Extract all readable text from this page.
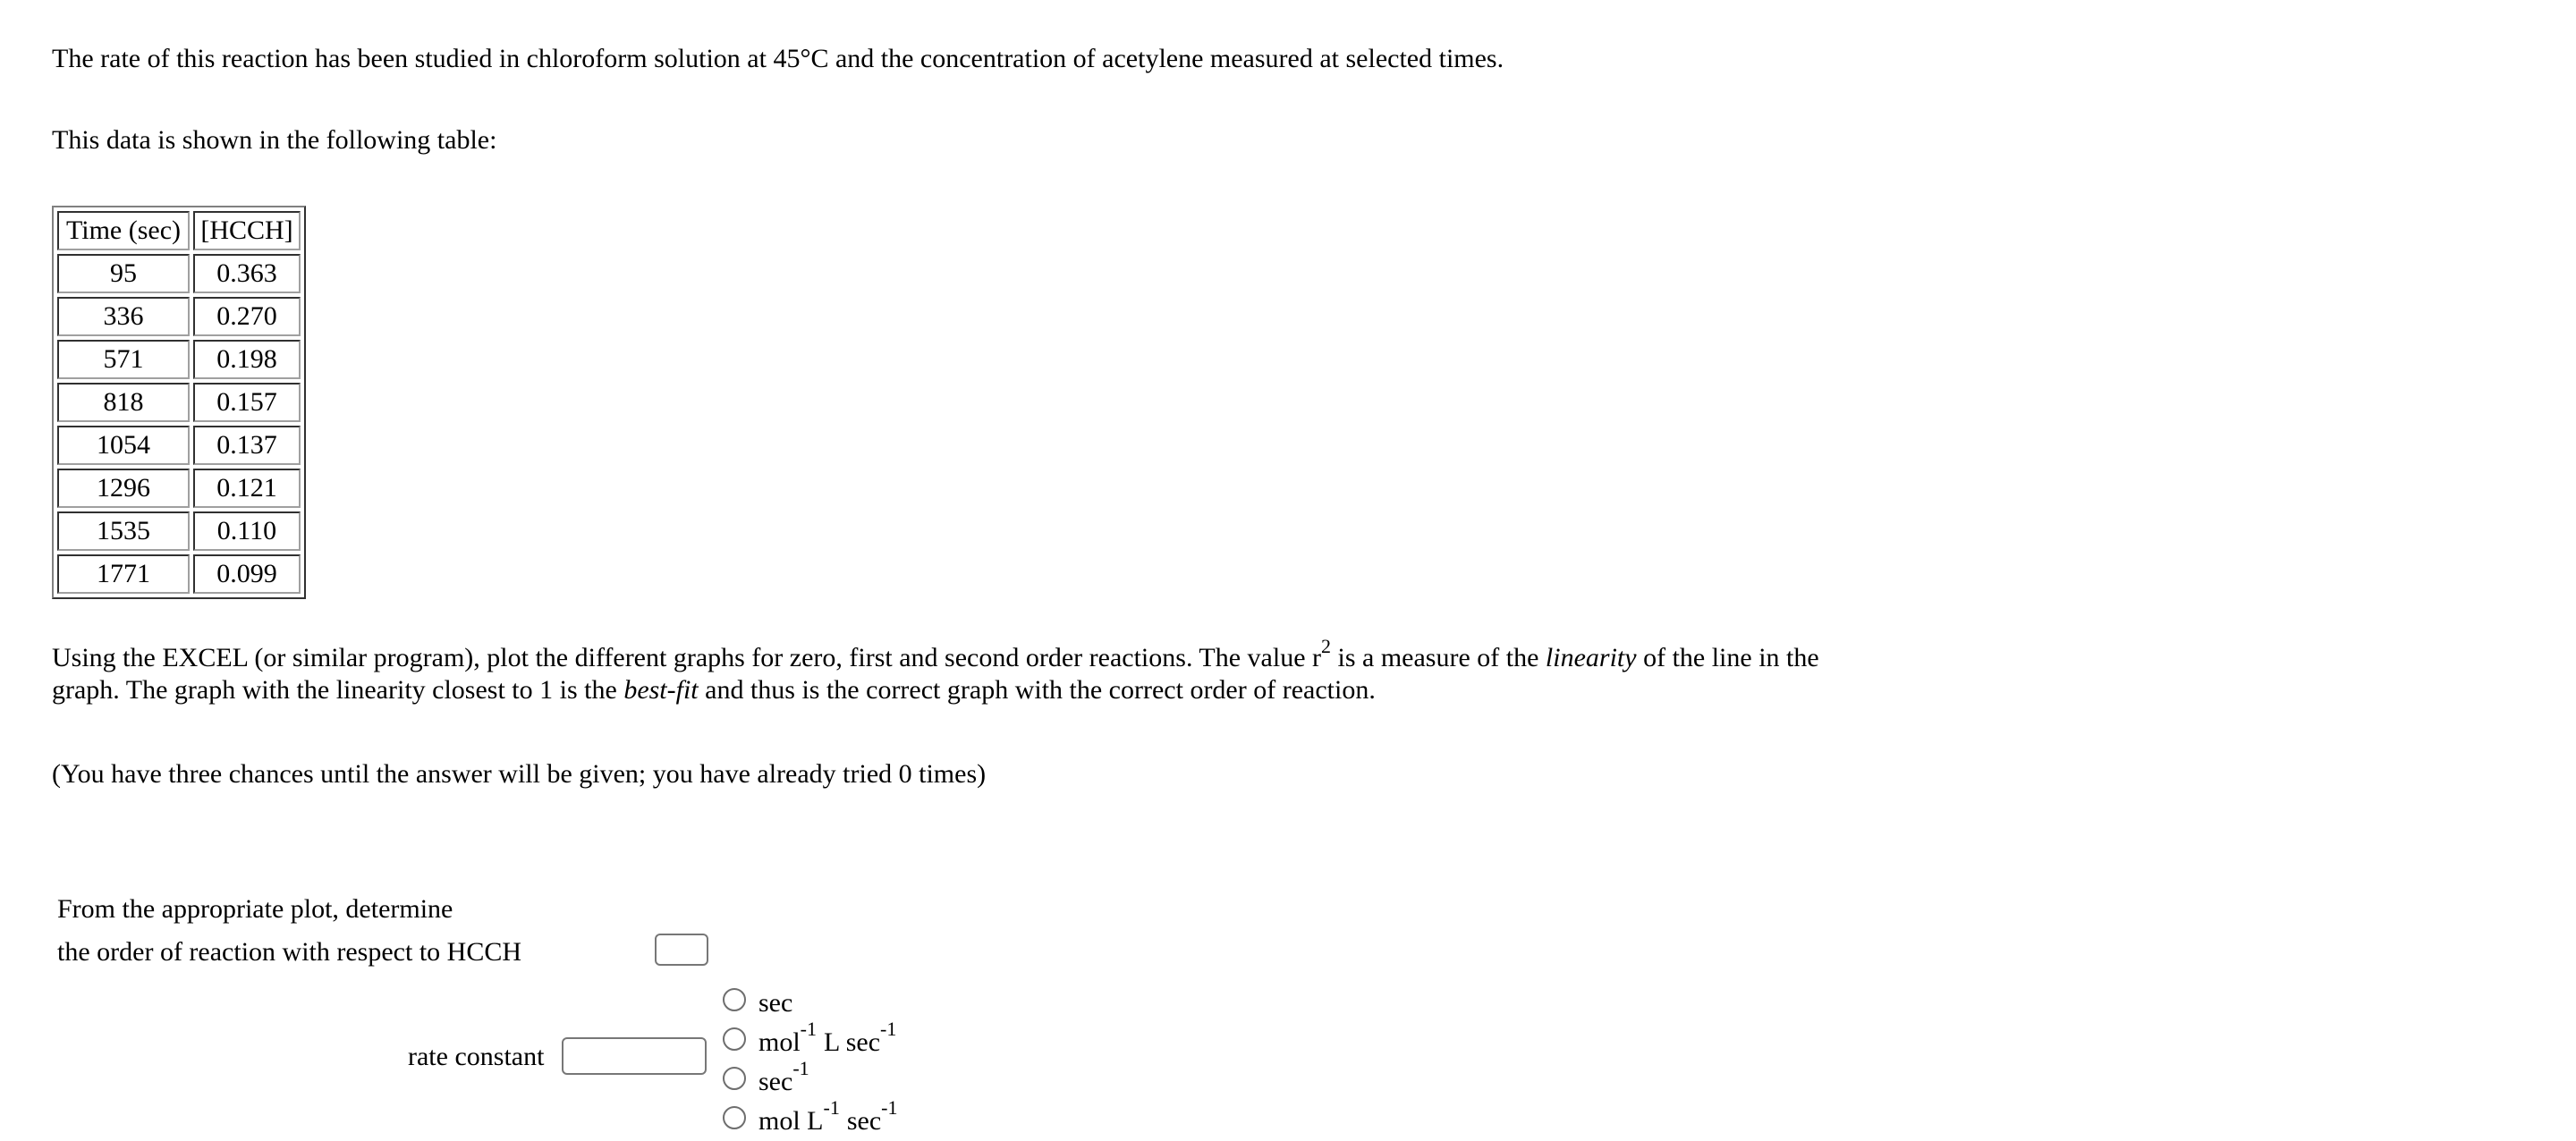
The rate of this reaction has been studied in chloroform solution at 45°C and the concentration of acetylene measured at selected times.

This data is shown in the following table:

Time (sec)	[HCCH]
95	0.363
336	0.270
571	0.198
818	0.157
1054	0.137
1296	0.121
1535	0.110
1771	0.099

Using the EXCEL (or similar program), plot the different graphs for zero, first and second order reactions. The value $r^2$ is a measure of the linearity of the line in the graph. The graph with the linearity closest to 1 is the best-fit and thus is the correct graph with the correct order of reaction.

(You have three chances until the answer will be given; you have already tried 0 times)

From the appropriate plot, determine
the order of reaction with respect to HCCH
rate constant
sec
mol$^{-1}$ L $\sec^{-1}$
$\sec^{-1}$
mol $L^{-1}$ $\sec^{-1}$
